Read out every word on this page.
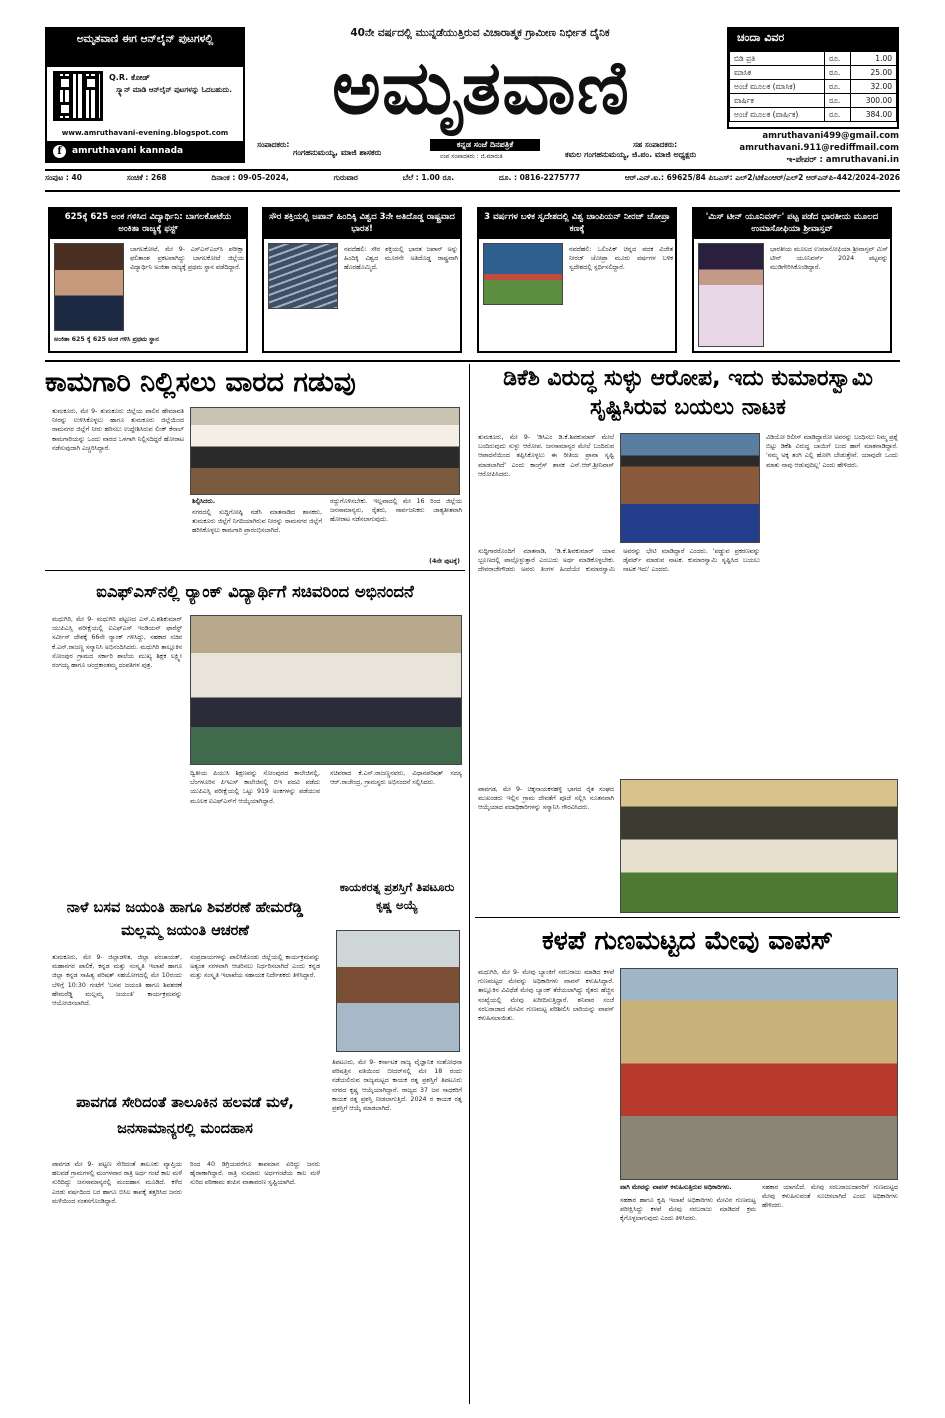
ಅಮೃತವಾಣಿ ಈಗ ಆನ್‌ಲೈನ್ ಪುಟಗಳಲ್ಲಿ
Q.R. ಕೋಡ್
ಸ್ಕ್ಯಾನ್ ಮಾಡಿ ಆನ್‌ಲೈನ್ ಪುಟಗಳನ್ನು ಓದಬಹುದು.
www.amruthavani-evening.blogspot.com
f	amruthavani kannada
40ನೇ ವರ್ಷದಲ್ಲಿ ಮುನ್ನಡೆಯುತ್ತಿರುವ ವಿಚಾರಾತ್ಮಕ ಗ್ರಾಮೀಣ ನಿರ್ಭೀತ ದೈನಿಕ
ಅಮೃತವಾಣಿ
ಕನ್ನಡ ಸಂಜೆ ದಿನಪತ್ರಿಕೆ
ಉಪ ಸಂಪಾದಕರು : ಜಿ.ಮಾರುತಿ
ಸಂಪಾದಕರು:
ಗಂಗಹನುಮಯ್ಯ, ಮಾಜಿ ಶಾಸಕರು
ಸಹ ಸಂಪಾದಕರು:
ಕಮಲ ಗಂಗಹನುಮಯ್ಯ, ಜಿ.ಪಂ. ಮಾಜಿ ಅಧ್ಯಕ್ಷರು
ಚಂದಾ ವಿವರ
ಬಿಡಿ ಪ್ರತಿ	ರೂ.	1.00
ಮಾಸಿಕ	ರೂ.	25.00
ಅಂಚೆ ಮೂಲಕ (ಮಾಸಿಕ)	ರೂ.	32.00
ವಾರ್ಷಿಕ	ರೂ.	300.00
ಅಂಚೆ ಮೂಲಕ (ವಾರ್ಷಿಕ)	ರೂ.	384.00
amruthavani499@gmail.com
amruthavani.911@rediffmail.com
ಇ-ಪೇಪರ್ : amruthavani.in
ಸಂಪುಟ : 40	ಸಂಚಿಕೆ : 268	ದಿನಾಂಕ : 09-05-2024,	ಗುರುವಾರ	ಬೆಲೆ : 1.00 ರೂ.	ದೂ. : 0816-2275777	ಆರ್.ಎನ್.ಐ.: 69625/84 ಪಿಒಎಸ್: ಎಲ್2/ಟಿಕೆಎಂಆರ್/ಎಲ್2 ಆರ್‌ಎನ್‌ಪಿ-442/2024-2026
625ಕ್ಕೆ 625 ಅಂಕ ಗಳಿಸಿದ ವಿದ್ಯಾರ್ಥಿನಿ: ಬಾಗಲಕೋಟೆಯ ಅಂಕಿತಾ ರಾಜ್ಯಕ್ಕೆ ಫಸ್ಟ್
ಬಾಗಲಕೋಟೆ, ಮೇ 9- ಎಸ್‌ಎಸ್‌ಎಲ್‌ಸಿ ಪರೀಕ್ಷಾ ಫಲಿತಾಂಶ ಪ್ರಕಟವಾಗಿದ್ದು ಬಾಗಲಕೋಟೆ ಜಿಲ್ಲೆಯ ವಿದ್ಯಾರ್ಥಿನಿ ಅಂಕಿತಾ ರಾಜ್ಯಕ್ಕೆ ಪ್ರಥಮ ಸ್ಥಾನ ಪಡೆದಿದ್ದಾರೆ.
ಅಂಕಿತಾ 625 ಕ್ಕೆ 625 ಅಂಕ ಗಳಿಸಿ ಪ್ರಥಮ ಸ್ಥಾನ
ಸೌರ ಶಕ್ತಿಯಲ್ಲಿ ಜಪಾನ್ ಹಿಂದಿಕ್ಕಿ ವಿಶ್ವದ 3ನೇ ಅತಿದೊಡ್ಡ ರಾಷ್ಟ್ರವಾದ ಭಾರತ!
ನವದೆಹಲಿ: ಸೌರ ಶಕ್ತಿಯಲ್ಲಿ ಭಾರತ ಜಪಾನ್ ಅನ್ನು ಹಿಂದಿಕ್ಕಿ ವಿಶ್ವದ ಮೂರನೇ ಅತಿದೊಡ್ಡ ರಾಷ್ಟ್ರವಾಗಿ ಹೊರಹೊಮ್ಮಿದೆ.
3 ವರ್ಷಗಳ ಬಳಿಕ ಸ್ವದೇಶದಲ್ಲಿ ವಿಶ್ವ ಚಾಂಪಿಯನ್ ನೀರಜ್ ಚೋಪ್ರಾ ಕಣಕ್ಕೆ
ನವದೆಹಲಿ: ಒಲಿಂಪಿಕ್ ಚಿನ್ನದ ಪದಕ ವಿಜೇತ ನೀರಜ್ ಚೋಪ್ರಾ ಮೂರು ವರ್ಷಗಳ ಬಳಿಕ ಸ್ವದೇಶದಲ್ಲಿ ಸ್ಪರ್ಧಿಸಲಿದ್ದಾರೆ.
'ಮಿಸ್ ಟೀನ್ ಯೂನಿವರ್ಸ್' ಪಟ್ಟ ಪಡೆದ ಭಾರತೀಯ ಮೂಲದ ಉಮಾಸೋಫಿಯಾ ಶ್ರೀವಾಸ್ತವ್
ಭಾರತೀಯ ಮೂಲದ ಉಮಾಸೋಫಿಯಾ ಶ್ರೀವಾಸ್ತವ್ ಮಿಸ್ ಟೀನ್ ಯೂನಿವರ್ಸ್ 2024 ಪಟ್ಟವನ್ನು ಮುಡಿಗೇರಿಸಿಕೊಂಡಿದ್ದಾರೆ.
ಕಾಮಗಾರಿ ನಿಲ್ಲಿಸಲು ವಾರದ ಗಡುವು
ತುಮಕೂರು, ಮೇ 9- ತುಮಕೂರು ಜಿಲ್ಲೆಯ ಪಾಲಿನ ಹೇಮಾವತಿ ನೀರನ್ನು ಉಳಿಸಿಕೊಳ್ಳಲು ಹಾಗೂ ತುಮಕೂರು ಜಿಲ್ಲೆಯಿಂದ ರಾಮನಗರ ಜಿಲ್ಲೆಗೆ ನೀರು ಹರಿಸಲು ಉದ್ದೇಶಿಸಿರುವ ಲಿಂಕ್ ಕೆನಾಲ್ ಕಾಮಗಾರಿಯನ್ನು ಒಂದು ವಾರದ ಒಳಗಾಗಿ ನಿಲ್ಲಿಸದಿದ್ದರೆ ಹೋರಾಟ ನಡೆಸುವುದಾಗಿ ಎಚ್ಚರಿಸಿದ್ದಾರೆ.
ಶಿಲ್ಪಿಸಿದರು.
ನಗರದಲ್ಲಿ ಸುದ್ದಿಗೋಷ್ಠಿ ನಡೆಸಿ ಮಾತನಾಡಿದ ಶಾಸಕರು, ತುಮಕೂರು ಜಿಲ್ಲೆಗೆ ನಿಗದಿಯಾಗಿರುವ ನೀರನ್ನು ರಾಮನಗರ ಜಿಲ್ಲೆಗೆ ಹರಿಸಿಕೊಳ್ಳಲು ಕಾಮಗಾರಿ ಪ್ರಾರಂಭಿಸಲಾಗಿದೆ.
ರದ್ದುಗೊಳಿಸಬೇಕು. ಇಲ್ಲವಾದಲ್ಲಿ ಮೇ 16 ರಿಂದ ಜಿಲ್ಲೆಯ ಜನಸಾಮಾನ್ಯರು, ರೈತರು, ಸಾರ್ವಜನಿಕರು ಜಾತ್ಯತೀತವಾಗಿ ಹೋರಾಟ ನಡೆಸಲಾಗುವುದು.
(4ನೇ ಪುಟಕ್ಕೆ)
ಡಿಕೆಶಿ ವಿರುದ್ಧ ಸುಳ್ಳು ಆರೋಪ, ಇದು ಕುಮಾರಸ್ವಾಮಿ ಸೃಷ್ಟಿಸಿರುವ ಬಯಲು ನಾಟಕ
ತುಮಕೂರು, ಮೇ 9- 'ಡಿಸಿಎಂ ಡಿ.ಕೆ.ಶಿವಕುಮಾರ್ ಮೇಲೆ ಬಂದಿರುವುದು ಸುಳ್ಳು ಆರೋಪ. ಜನಸಾಮಾನ್ಯರ ಮೇಲೆ ಬಂದಿರುವ ಆಪಾದನೆಯಿಂದ ತಪ್ಪಿಸಿಕೊಳ್ಳಲು ಈ ರೀತಿಯ ಪ್ರಾವಾ ಸೃಷ್ಟಿ ಮಾಡಲಾಗಿದೆ' ಎಂದು ಕಾಂಗ್ರೆಸ್ ಶಾಸಕ ಎಸ್.ಆರ್.ಶ್ರೀನಿವಾಸ್ ಆರೋಪಿಸಿದರು.
ಸುದ್ದಿಗಾರರೊಂದಿಗೆ ಮಾತನಾಡಿ, 'ಡಿ.ಕೆ.ಶಿವಕುಮಾರ್ ಯಾವ ಭ್ರೂಣದಲ್ಲಿ ಪಾಲ್ಗೊಳ್ಳುತ್ತಾರೆ ಎಂಬುದು ಅರ್ಥ ಮಾಡಿಕೊಳ್ಳಬೇಕು. ದೇವರಾಜೇಗೌಡರು ಅವರು ತಿಂಗಳ ಹಿಂದೆಯೇ ಕುಮಾರಸ್ವಾಮಿ ಅವರನ್ನು ಭೇಟಿ ಮಾಡಿದ್ದಾರೆ ಎಂದರು. 'ಪಡ್ಡುವ ಪ್ರಕರಣವನ್ನು ಡೈವರ್ಟ್ ಮಾಡುವ ನಾಟಕ. ಕುಮಾರಸ್ವಾಮಿ ಸೃಷ್ಟಿಸಿದ ಬಯಲು ನಾಟಕ ಇದು' ಎಂದರು.
ವಿಡಿಯೋ ರಿಲೀಸ್ ಮಾಡಿದ್ದಾರೋ ಅವರನ್ನು ಬಂಧಿಸಲು ನಿಮ್ಮ ಪ್ರಶ್ನೆ ಬಿಟ್ಟು ಡಿಕೆಶಿ ವಿರುದ್ಧ ಬಾಯಿಗೆ ಬಂದ ಹಾಗೆ ಮಾತನಾಡಿದ್ದಾರೆ. 'ನಮ್ಮ ಅಕ್ಕ ತಂಗಿ ಎಲ್ಲಿ ಹೋಗಿ ಬೇಡುತ್ತೇವೆ. ಯಾವುದೇ ಒಂದು ಮಾತು ನಾವು ಆಡುವುದಿಲ್ಲ' ಎಂದು ಹೇಳಿದರು.
ಐಎಫ್‌ಎಸ್‌ನಲ್ಲಿ ರ‍್ಯಾಂಕ್ ವಿದ್ಯಾರ್ಥಿಗೆ ಸಚಿವರಿಂದ ಅಭಿನಂದನೆ
ಮಧುಗಿರಿ, ಮೇ 9- ಮಧುಗಿರಿ ಪಟ್ಟಣದ ಎಸ್.ವಿ.ಶಶಿಕುಮಾರ್ ಯುಪಿಎಸ್ಸಿ ಪರೀಕ್ಷೆಯಲ್ಲಿ ಐಎಫ್‌ಎಸ್ ಇಂಡಿಯನ್ ಫಾರೆಸ್ಟ್ ಸರ್ವೀಸ್ ದೇಶಕ್ಕೆ 66ನೇ ರ‍್ಯಾಂಕ್ ಗಳಿಸಿದ್ದು, ಸಹಕಾರ ಸಚಿವ ಕೆ.ಎನ್.ರಾಜಣ್ಣ ಸನ್ಮಾನಿಸಿ ಅಭಿನಂದಿಸಿದರು. ಮಧುಗಿರಿ ತಾಲ್ಲೂಕಿನ ಸೋಂಪುರ ಗ್ರಾಮದ ಸರ್ಕಾರಿ ಶಾಲೆಯ ಮುಖ್ಯ ಶಿಕ್ಷಕ ಲಕ್ಷ್ಮೀ ರಂಗಯ್ಯ ಹಾಗೂ ಚಂದ್ರಕಾಂತಮ್ಮ ದಂಪತಿಗಳ ಪುತ್ರ.
ದ್ವಿತೀಯ ಪಿಯುಸಿ ಶಿಕ್ಷಣವನ್ನು ಸೋಂಪುರದ ಕಾಲೇಜಿನಲ್ಲಿ, ಬೆಂಗಳೂರಿನ ಪಿಇಎಸ್ ಕಾಲೇಜಿನಲ್ಲಿ ಬಿಇ ಪದವಿ ಪಡೆದು ಯುಪಿಎಸ್ಸಿ ಪರೀಕ್ಷೆಯಲ್ಲಿ ಒಟ್ಟು 919 ಅಂಕಗಳನ್ನು ಪಡೆಯುವ ಮೂಲಕ ಐಎಫ್‌ಎಸ್‌ಗೆ ಆಯ್ಕೆಯಾಗಿದ್ದಾರೆ.
ಸಚಿವರಾದ ಕೆ.ಎನ್.ರಾಜಣ್ಣನವರು, ವಿಧಾನಪರಿಷತ್ ಸದಸ್ಯ ಆರ್.ರಾಜೇಂದ್ರ, ಗ್ರಾಮಸ್ಥರು ಅಭಿನಂದನೆ ಸಲ್ಲಿಸಿದರು.
ಪಾವಗಡ, ಮೇ 9- ಚಿಕ್ಕನಾಯಕನಹಳ್ಳಿ ಭಾಗದ ರೈತ ಸಂಘದ ಮುಖಂಡರು ಇಲ್ಲಿನ ಗ್ರಾಮ ದೇವತೆಗೆ ಪೂಜೆ ಸಲ್ಲಿಸಿ ನೂತನವಾಗಿ ಆಯ್ಕೆಯಾದ ಪದಾಧಿಕಾರಿಗಳನ್ನು ಸನ್ಮಾನಿಸಿ ಗೌರವಿಸಿದರು.
ನಾಳೆ ಬಸವ ಜಯಂತಿ ಹಾಗೂ ಶಿವಶರಣೆ ಹೇಮರೆಡ್ಡಿ ಮಲ್ಲಮ್ಮ ಜಯಂತಿ ಆಚರಣೆ
ತುಮಕೂರು, ಮೇ 9- ಜಿಲ್ಲಾಡಳಿತ, ಜಿಲ್ಲಾ ಪಂಚಾಯತ್, ಮಹಾನಗರ ಪಾಲಿಕೆ, ಕನ್ನಡ ಮತ್ತು ಸಂಸ್ಕೃತಿ ಇಲಾಖೆ ಹಾಗೂ ಜಿಲ್ಲಾ ಕನ್ನಡ ಸಾಹಿತ್ಯ ಪರಿಷತ್ ಸಹಯೋಗದಲ್ಲಿ ಮೇ 10ರಂದು ಬೆಳಿಗ್ಗೆ 10:30 ಗಂಟೆಗೆ 'ಬಸವ ಜಯಂತಿ ಹಾಗೂ ಶಿವಶರಣೆ ಹೇಮರೆಡ್ಡಿ ಮಲ್ಲಮ್ಮ ಜಯಂತಿ' ಕಾರ್ಯಕ್ರಮವನ್ನು ಆಯೋಜಿಸಲಾಗಿದೆ.
ಸಂಪ್ರದಾಯಗಳನ್ನು ಪಾಲಿಸಿಕೊಂಡು ಜಿಲ್ಲೆಯಲ್ಲಿ ಕಾರ್ಯಕ್ರಮವನ್ನು ಅತ್ಯಂತ ಸರಳವಾಗಿ ಆಚರಿಸಲು ನಿರ್ಧರಿಸಲಾಗಿದೆ ಎಂದು ಕನ್ನಡ ಮತ್ತು ಸಂಸ್ಕೃತಿ ಇಲಾಖೆಯ ಸಹಾಯಕ ನಿರ್ದೇಶಕರು ತಿಳಿಸಿದ್ದಾರೆ.
ಕಾಯಕರತ್ನ ಪ್ರಶಸ್ತಿಗೆ ತಿಪಟೂರು ಕೃಷ್ಣ ಅಯ್ಯೆ
ತಿಪಟೂರು, ಮೇ 9- ಕರ್ನಾಟಕ ರಾಜ್ಯ ವೈಜ್ಞಾನಿಕ ಸಂಶೋಧನಾ ಪರಿಷತ್ತಿನ ವತಿಯಿಂದ ಬೀದರ್‌ನಲ್ಲಿ ಮೇ 18 ರಂದು ನಡೆಯಲಿರುವ ರಾಜ್ಯಮಟ್ಟದ ಕಾಯಕ ರತ್ನ ಪ್ರಶಸ್ತಿಗೆ ತಿಪಟೂರು ನಗರದ ಕೃಷ್ಣ ಆಯ್ಕೆಯಾಗಿದ್ದಾರೆ. ರಾಜ್ಯದ 37 ಜನ ಸಾಧಕರಿಗೆ ಕಾಯಕ ರತ್ನ ಪ್ರಶಸ್ತಿ ನೀಡಲಾಗುತ್ತಿದೆ. 2024 ರ ಕಾಯಕ ರತ್ನ ಪ್ರಶಸ್ತಿಗೆ ಆಯ್ಕೆ ಮಾಡಲಾಗಿದೆ.
ಪಾವಗಡ ಸೇರಿದಂತೆ ತಾಲೂಕಿನ ಹಲವಡೆ ಮಳೆ, ಜನಸಾಮಾನ್ಯರಲ್ಲಿ ಮಂದಹಾಸ
ಪಾವಗಡ ಮೇ 9- ಪಟ್ಟಣ ಸೇರಿದಂತೆ ತಾಲೂಕು ವ್ಯಾಪ್ತಿಯ ಹಲವಡೆ ಗ್ರಾಮಗಳಲ್ಲಿ ಮಂಗಳವಾರ ರಾತ್ರಿ ಅರ್ಧ ಗಂಟೆ ಕಾಲ ಮಳೆ ಸುರಿದಿದ್ದು ಜನಸಾಮಾನ್ಯರಲ್ಲಿ ಮಂದಹಾಸ ಮೂಡಿದೆ. ಕಳೆದ ಎರಡು ವರ್ಷದಿಂದ ಬರ ಹಾಗೂ ಬಿಸಿಲ ತಾಪಕ್ಕೆ ತತ್ತರಿಸಿದ ಜನರು ಮಳೆಯಿಂದ ಸಂತಸಗೊಂಡಿದ್ದಾರೆ.
ರಿಂದ 40 ಡಿಗ್ರಿಯವರೆಗೂ ತಾಪಮಾನ ಏರಿದ್ದು ಜನರು ಹೈರಾಣಾಗಿದ್ದಾರೆ. ರಾತ್ರಿ ಸುಮಾರು ಅರ್ಧಗಂಟೆಯ ಕಾಲ ಮಳೆ ಸುರಿದ ಪರಿಣಾಮ ತಂಪಿನ ವಾತಾವರಣ ಸೃಷ್ಟಿಯಾಗಿದೆ.
ಕಳಪೆ ಗುಣಮಟ್ಟದ ಮೇವು ವಾಪಸ್
ಮಧುಗಿರಿ, ಮೇ 9- ಮೇವು ಬ್ಯಾಂಕಿಗೆ ಸರಬರಾಜು ಮಾಡಿದ ಕಳಪೆ ಗುಣಮಟ್ಟದ ಮೇವನ್ನು ಅಧಿಕಾರಿಗಳು ವಾಪಸ್ ಕಳುಹಿಸಿದ್ದಾರೆ. ತಾಲ್ಲೂಕಿನ ವಿವಿಧೆಡೆ ಮೇವು ಬ್ಯಾಂಕ್ ತೆರೆಯಲಾಗಿದ್ದು ರೈತರು ಹೆಚ್ಚಿನ ಸಂಖ್ಯೆಯಲ್ಲಿ ಮೇವು ಖರೀದಿಸುತ್ತಿದ್ದಾರೆ. ಶನಿವಾರ ಸಂಜೆ ಸರಬರಾಜಾದ ಮೇವಿನ ಗುಣಮಟ್ಟ ಪರಿಶೀಲಿಸಿ ಲಾರಿಯನ್ನು ವಾಪಸ್ ಕಳುಹಿಸಲಾಯಿತು.
ವಾಗಿ ಮೇವನ್ನು ವಾಪಸ್ ಕಳುಹಿಸುತ್ತಿರುವ ಅಧಿಕಾರಿಗಳು.
ಸಹಕಾರ ಹಾಗೂ ಕೃಷಿ ಇಲಾಖೆ ಅಧಿಕಾರಿಗಳು ಮೇವಿನ ಗುಣಮಟ್ಟ ಪರೀಕ್ಷಿಸಿದ್ದು ಕಳಪೆ ಮೇವು ಸರಬರಾಜು ಮಾಡಿದರೆ ಕ್ರಮ ಕೈಗೊಳ್ಳಲಾಗುವುದು ಎಂದು ತಿಳಿಸಿದರು.
ಸಹಕಾರ ಯಾಗಲಿದೆ. ಮೇವು ಸರಬರಾಜುದಾರರಿಗೆ ಗುಣಮಟ್ಟದ ಮೇವು ಕಳುಹಿಸುವಂತೆ ಸೂಚಿಸಲಾಗಿದೆ ಎಂದು ಅಧಿಕಾರಿಗಳು ಹೇಳಿದರು.
